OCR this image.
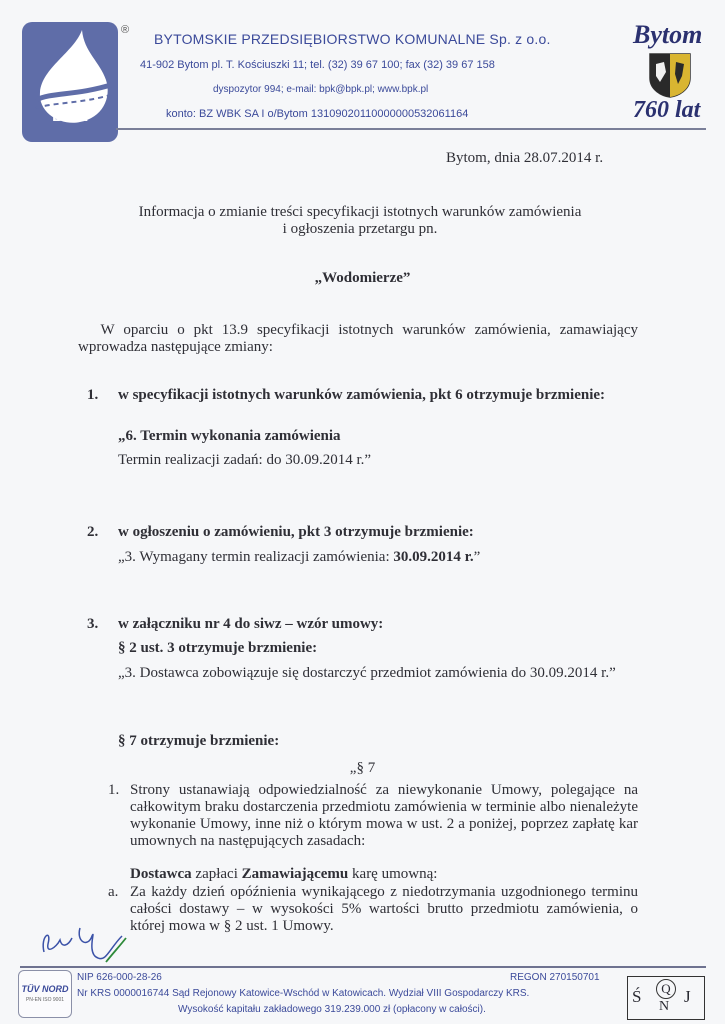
BPK
®
BYTOMSKIE PRZEDSIĘBIORSTWO KOMUNALNE Sp. z o.o.
41-902 Bytom pl. T. Kościuszki 11; tel. (32) 39 67 100; fax (32) 39 67 158
dyspozytor 994; e-mail: bpk@bpk.pl; www.bpk.pl
konto: BZ WBK SA I o/Bytom 13109020110000000532061164
Bytom
760 lat
Bytom, dnia 28.07.2014 r.
Informacja o zmianie treści specyfikacji istotnych warunków zamówienia
i ogłoszenia przetargu pn.
„Wodomierze”
  W oparciu o pkt 13.9 specyfikacji istotnych warunków zamówienia, zamawiający wprowadza następujące zmiany:
1. w specyfikacji istotnych warunków zamówienia, pkt 6 otrzymuje brzmienie:
„6. Termin wykonania zamówienia
Termin realizacji zadań: do 30.09.2014 r.”
2. w ogłoszeniu o zamówieniu, pkt 3 otrzymuje brzmienie:
„3. Wymagany termin realizacji zamówienia: 30.09.2014 r.”
3. w załączniku nr 4 do siwz – wzór umowy:
§ 2 ust. 3 otrzymuje brzmienie:
„3. Dostawca zobowiązuje się dostarczyć przedmiot zamówienia do 30.09.2014 r.”
§ 7 otrzymuje brzmienie:
„§ 7
1. Strony ustanawiają odpowiedzialność za niewykonanie Umowy, polegające na całkowitym braku dostarczenia przedmiotu zamówienia w terminie albo nienależyte wykonanie Umowy, inne niż o którym mowa w ust. 2 a poniżej, poprzez zapłatę kar umownych na następujących zasadach:
Dostawca zapłaci Zamawiającemu karę umowną:
a. Za każdy dzień opóźnienia wynikającego z niedotrzymania uzgodnionego terminu całości dostawy – w wysokości 5% wartości brutto przedmiotu zamówienia, o której mowa w § 2 ust. 1 Umowy.
TÜV NORD
PN-EN ISO 9001
NIP 626-000-28-26	REGON 270150701
Nr KRS 0000016744 Sąd Rejonowy Katowice-Wschód w Katowicach. Wydział VIII Gospodarczy KRS.
Wysokość kapitału zakładowego 319.239.000 zł (opłacony w całości).
Ś	Q
N
J
